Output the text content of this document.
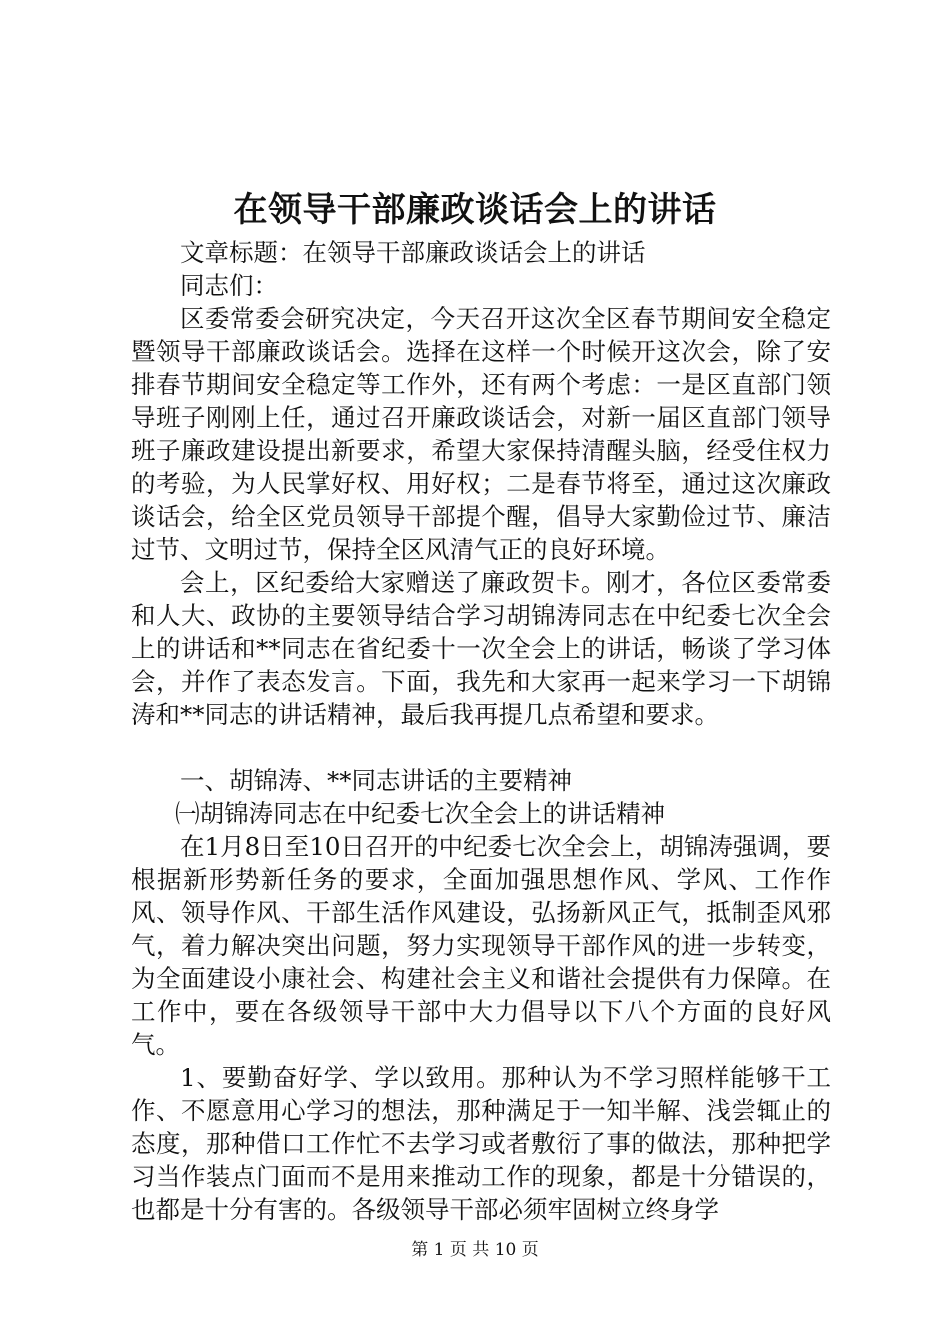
在领导干部廉政谈话会上的讲话

文章标题：在领导干部廉政谈话会上的讲话

同志们：

区委常委会研究决定，今天召开这次全区春节期间安全稳定暨领导干部廉政谈话会。选择在这样一个时候开这次会，除了安排春节期间安全稳定等工作外，还有两个考虑：一是区直部门领导班子刚刚上任，通过召开廉政谈话会，对新一届区直部门领导班子廉政建设提出新要求，希望大家保持清醒头脑，经受住权力的考验，为人民掌好权、用好权；二是春节将至，通过这次廉政谈话会，给全区党员领导干部提个醒，倡导大家勤俭过节、廉洁过节、文明过节，保持全区风清气正的良好环境。

会上，区纪委给大家赠送了廉政贺卡。刚才，各位区委常委和人大、政协的主要领导结合学习胡锦涛同志在中纪委七次全会上的讲话和**同志在省纪委十一次全会上的讲话，畅谈了学习体会，并作了表态发言。下面，我先和大家再一起来学习一下胡锦涛和**同志的讲话精神，最后我再提几点希望和要求。

一、胡锦涛、**同志讲话的主要精神

㈠胡锦涛同志在中纪委七次全会上的讲话精神

在1月8日至10日召开的中纪委七次全会上，胡锦涛强调，要根据新形势新任务的要求，全面加强思想作风、学风、工作作风、领导作风、干部生活作风建设，弘扬新风正气，抵制歪风邪气，着力解决突出问题，努力实现领导干部作风的进一步转变，为全面建设小康社会、构建社会主义和谐社会提供有力保障。在工作中，要在各级领导干部中大力倡导以下八个方面的良好风气。

1、要勤奋好学、学以致用。那种认为不学习照样能够干工作、不愿意用心学习的想法，那种满足于一知半解、浅尝辄止的态度，那种借口工作忙不去学习或者敷衍了事的做法，那种把学习当作装点门面而不是用来推动工作的现象，都是十分错误的，也都是十分有害的。各级领导干部必须牢固树立终身学

第 1 页 共 10 页
